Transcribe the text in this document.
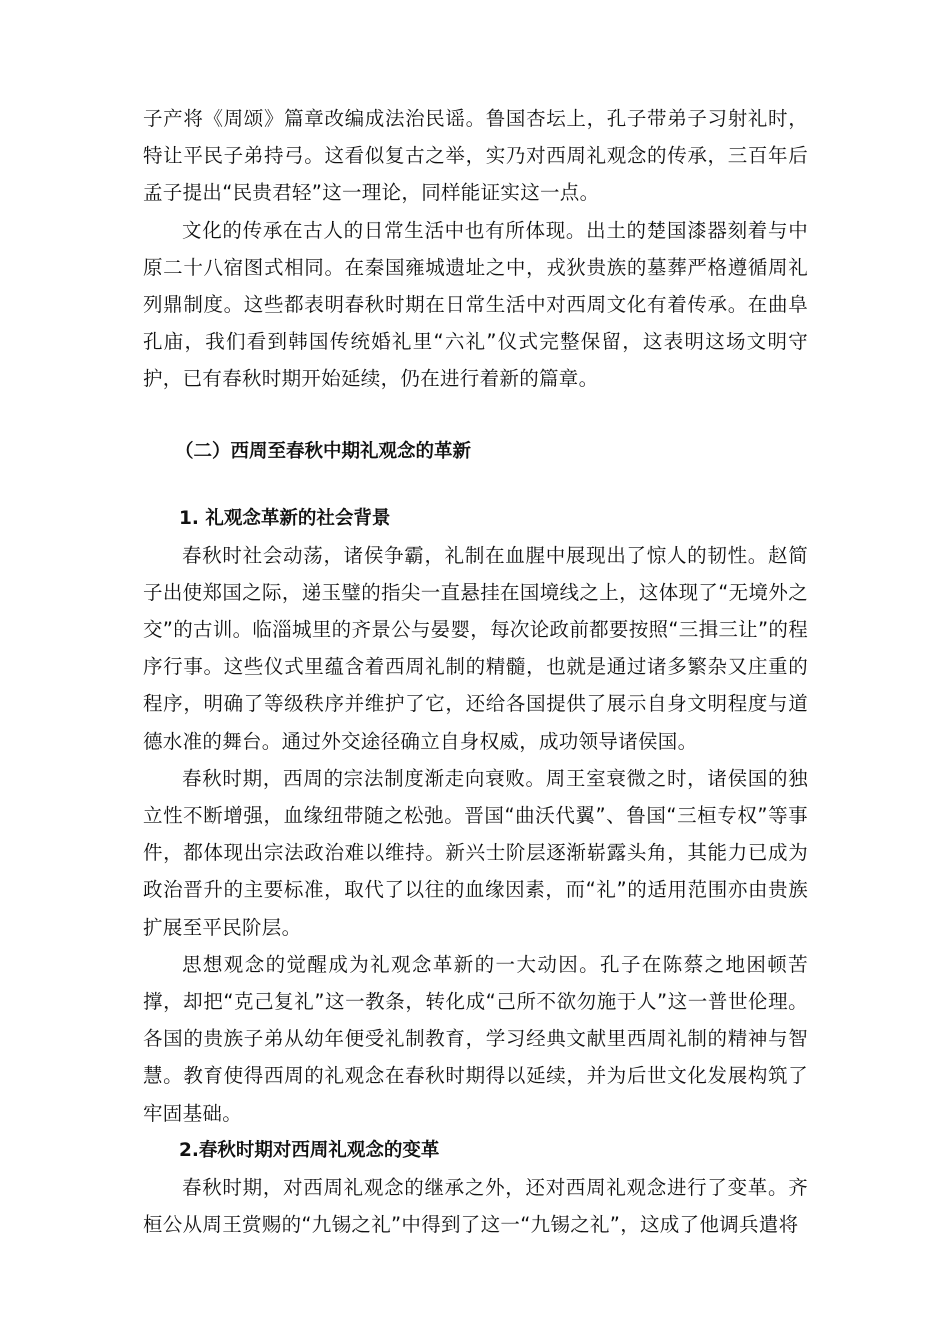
子产将《周颂》篇章改编成法治民谣。鲁国杏坛上，孔子带弟子习射礼时，特让平民子弟持弓。这看似复古之举，实乃对西周礼观念的传承，三百年后孟子提出“民贵君轻”这一理论，同样能证实这一点。

文化的传承在古人的日常生活中也有所体现。出土的楚国漆器刻着与中原二十八宿图式相同。在秦国雍城遗址之中，戎狄贵族的墓葬严格遵循周礼列鼎制度。这些都表明春秋时期在日常生活中对西周文化有着传承。在曲阜孔庙，我们看到韩国传统婚礼里“六礼”仪式完整保留，这表明这场文明守护，已有春秋时期开始延续，仍在进行着新的篇章。

（二）西周至春秋中期礼观念的革新
1. 礼观念革新的社会背景

春秋时社会动荡，诸侯争霸，礼制在血腥中展现出了惊人的韧性。赵简子出使郑国之际，递玉璧的指尖一直悬挂在国境线之上，这体现了“无境外之交”的古训。临淄城里的齐景公与晏婴，每次论政前都要按照“三揖三让”的程序行事。这些仪式里蕴含着西周礼制的精髓，也就是通过诸多繁杂又庄重的程序，明确了等级秩序并维护了它，还给各国提供了展示自身文明程度与道德水准的舞台。通过外交途径确立自身权威，成功领导诸侯国。

春秋时期，西周的宗法制度渐走向衰败。周王室衰微之时，诸侯国的独立性不断增强，血缘纽带随之松弛。晋国“曲沃代翼”、鲁国“三桓专权”等事件，都体现出宗法政治难以维持。新兴士阶层逐渐崭露头角，其能力已成为政治晋升的主要标准，取代了以往的血缘因素，而“礼”的适用范围亦由贵族扩展至平民阶层。

思想观念的觉醒成为礼观念革新的一大动因。孔子在陈蔡之地困顿苦撑，却把“克己复礼”这一教条，转化成“己所不欲勿施于人”这一普世伦理。各国的贵族子弟从幼年便受礼制教育，学习经典文献里西周礼制的精神与智慧。教育使得西周的礼观念在春秋时期得以延续，并为后世文化发展构筑了牢固基础。

2.春秋时期对西周礼观念的变革

春秋时期，对西周礼观念的继承之外，还对西周礼观念进行了变革。齐桓公从周王赏赐的“九锡之礼”中得到了这一“九锡之礼”，这成了他调兵遣将
